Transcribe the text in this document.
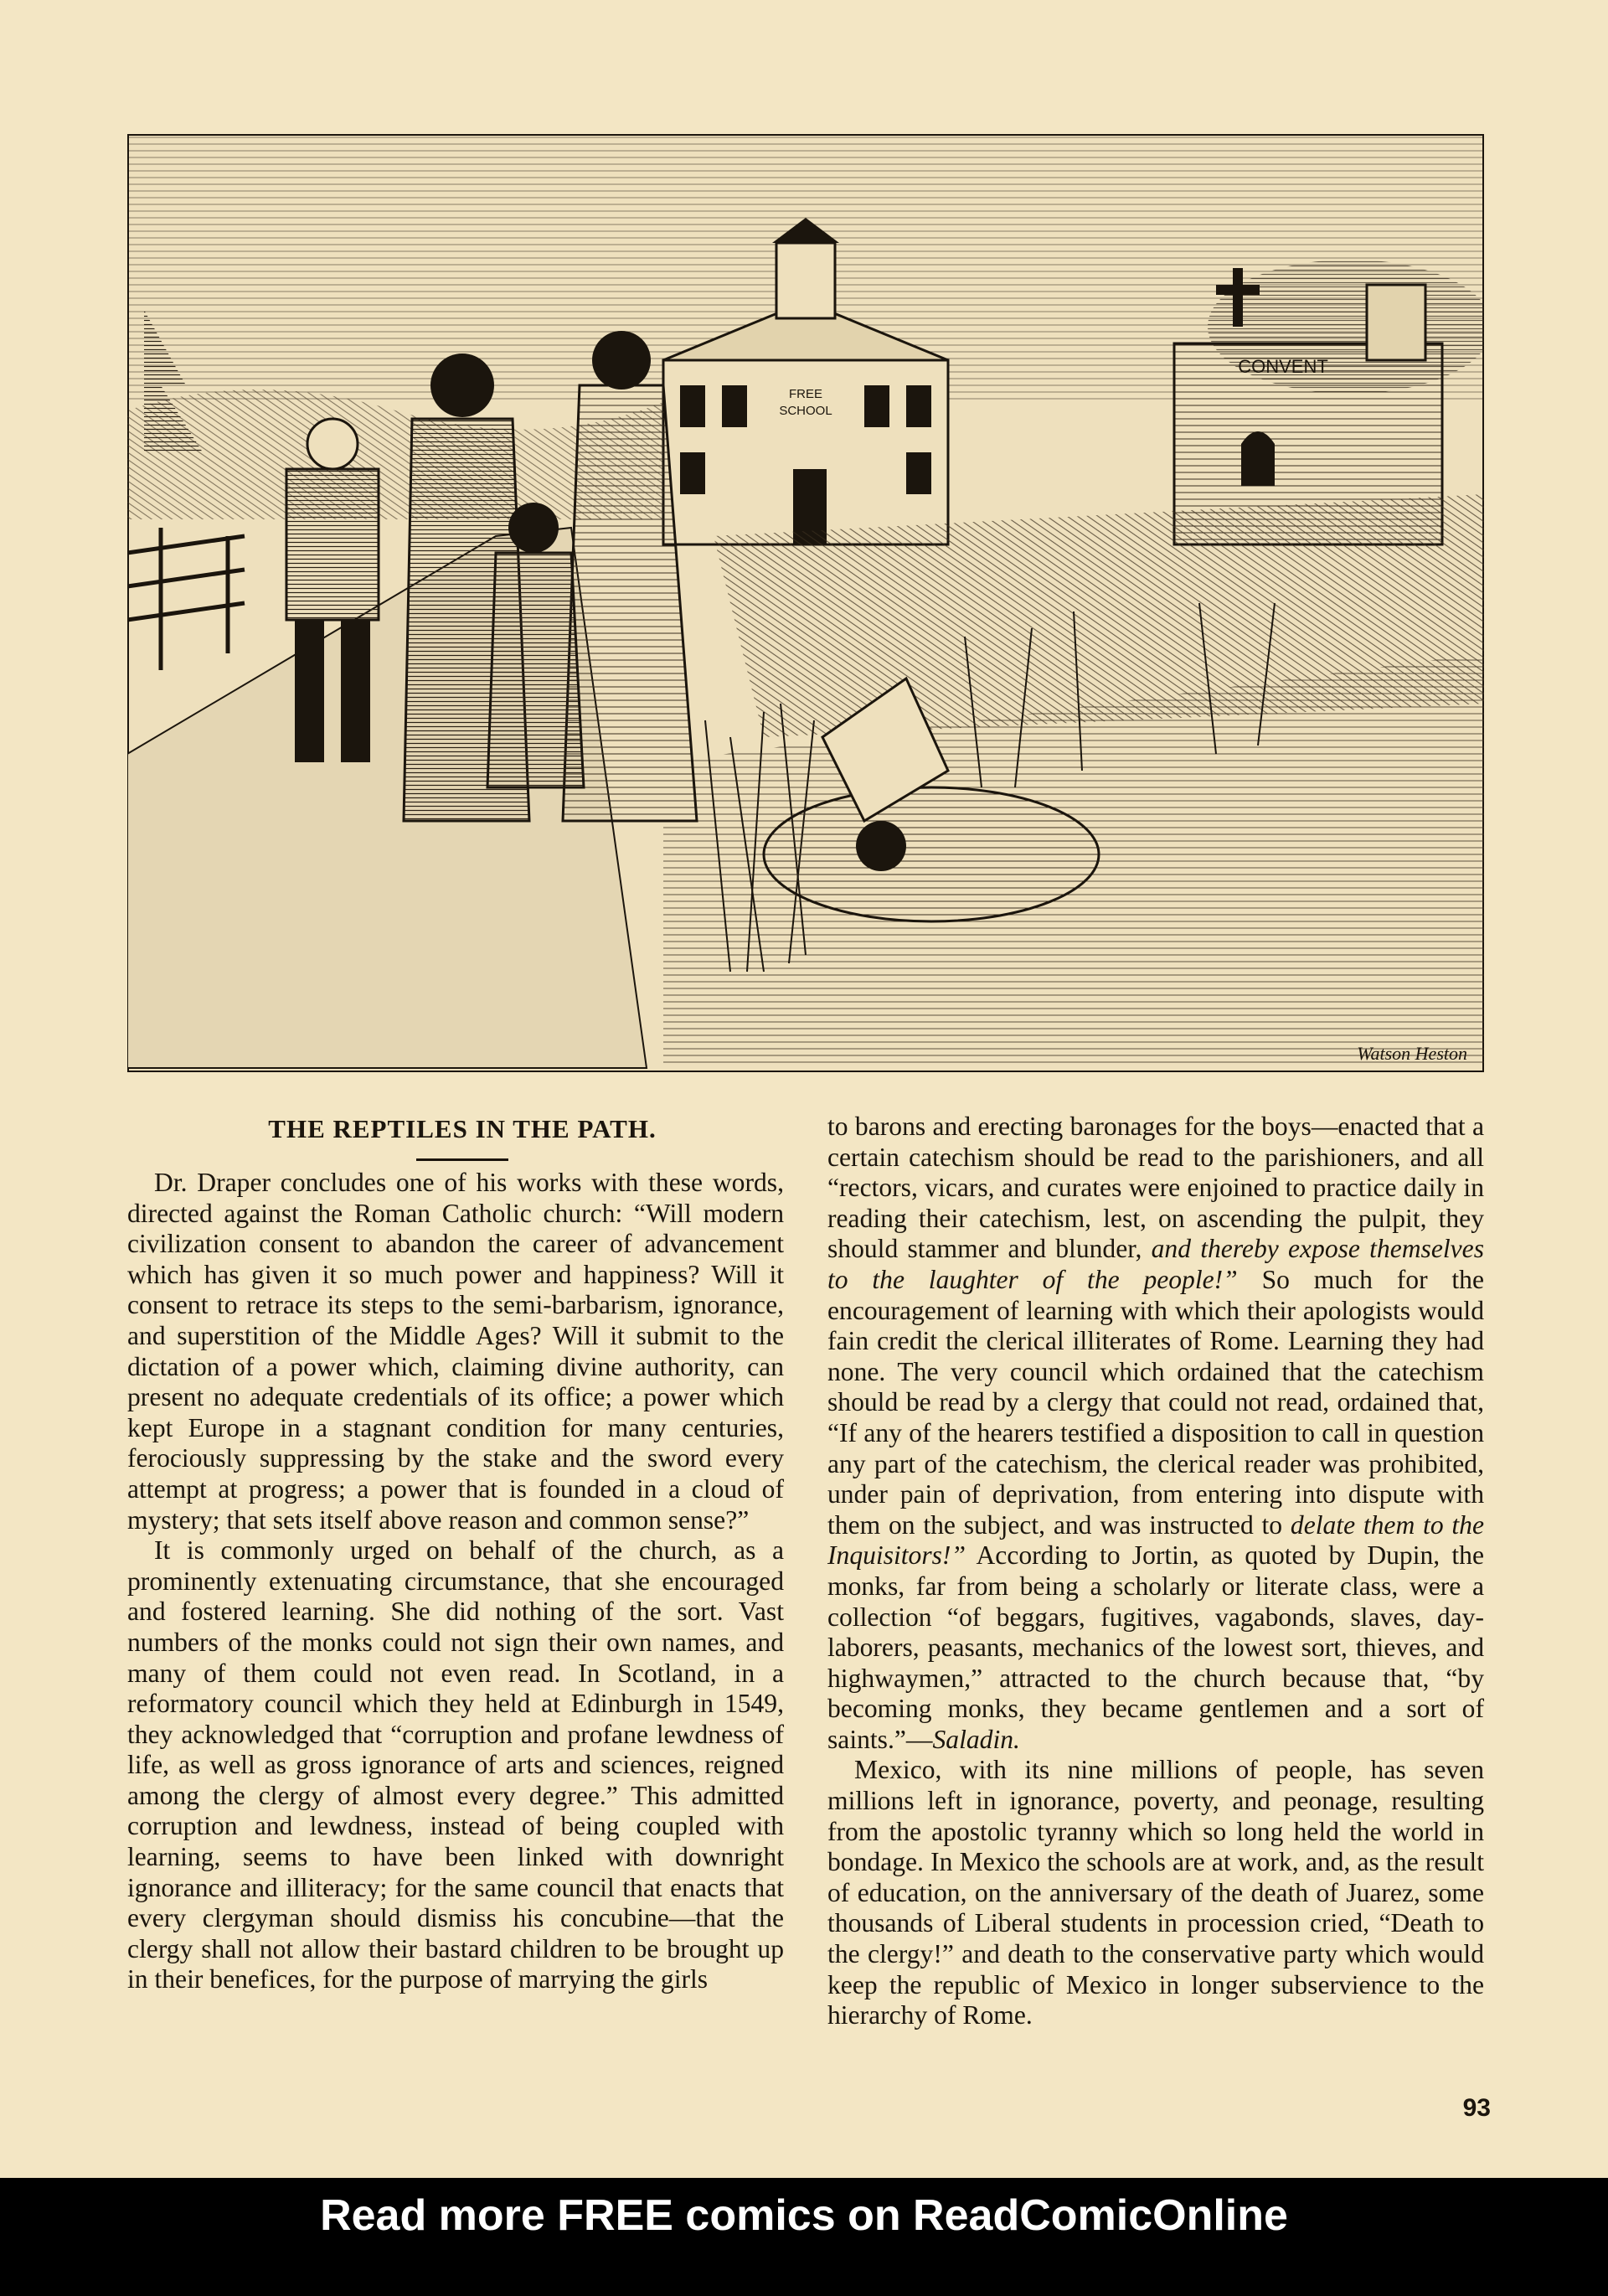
FREE
SCHOOL
CONVENT
Watson Heston
THE REPTILES IN THE PATH.

Dr. Draper concludes one of his works with these words, directed against the Roman Catholic church: “Will modern civilization consent to abandon the career of advancement which has given it so much power and happiness? Will it consent to retrace its steps to the semi-barbarism, ignorance, and superstition of the Middle Ages? Will it submit to the dictation of a power which, claiming divine authority, can present no adequate credentials of its office; a power which kept Europe in a stagnant condition for many centuries, ferociously suppressing by the stake and the sword every attempt at progress; a power that is founded in a cloud of mystery; that sets itself above reason and common sense?”

It is commonly urged on behalf of the church, as a prominently extenuating circumstance, that she encouraged and fostered learning. She did nothing of the sort. Vast numbers of the monks could not sign their own names, and many of them could not even read. In Scotland, in a reformatory council which they held at Edinburgh in 1549, they acknowledged that “corruption and profane lewdness of life, as well as gross ignorance of arts and sciences, reigned among the clergy of almost every degree.” This admitted corruption and lewdness, instead of being coupled with learning, seems to have been linked with downright ignorance and illiteracy; for the same council that enacts that every clergyman should dismiss his concubine—that the clergy shall not allow their bastard children to be brought up in their benefices, for the purpose of marrying the girls

to barons and erecting baronages for the boys—enacted that a certain catechism should be read to the parishioners, and all “rectors, vicars, and curates were enjoined to practice daily in reading their catechism, lest, on ascending the pulpit, they should stammer and blunder, and thereby expose themselves to the laughter of the people!” So much for the encouragement of learning with which their apologists would fain credit the clerical illiterates of Rome. Learning they had none. The very council which ordained that the catechism should be read by a clergy that could not read, ordained that, “If any of the hearers testified a disposition to call in question any part of the catechism, the clerical reader was prohibited, under pain of deprivation, from entering into dispute with them on the subject, and was instructed to delate them to the Inquisitors!” According to Jortin, as quoted by Dupin, the monks, far from being a scholarly or literate class, were a collection “of beggars, fugitives, vagabonds, slaves, day-laborers, peasants, mechanics of the lowest sort, thieves, and highwaymen,” attracted to the church because that, “by becoming monks, they became gentlemen and a sort of saints.”—Saladin.

Mexico, with its nine millions of people, has seven millions left in ignorance, poverty, and peonage, resulting from the apostolic tyranny which so long held the world in bondage. In Mexico the schools are at work, and, as the result of education, on the anniversary of the death of Juarez, some thousands of Liberal students in procession cried, “Death to the clergy!” and death to the conservative party which would keep the republic of Mexico in longer subservience to the hierarchy of Rome.

93
Read more FREE comics on ReadComicOnline
